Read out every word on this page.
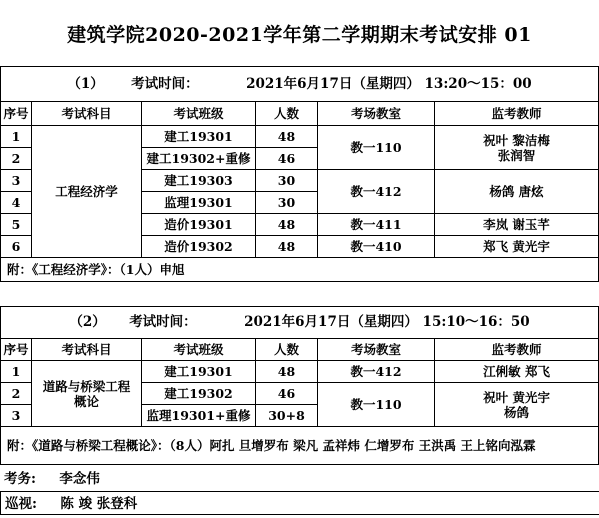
建筑学院2020-2021学年第二学期期末考试安排 01
（1） 考试时间： 2021年6月17日（星期四） 13:20～15：00					
序号	考试科目	考试班级	人数	考场教室	监考教师
1	工程经济学	建工19301	48	教一110	祝叶 黎洁梅
张润智
2		建工19302+重修	46		
3		建工19303	30	教一412	杨鸽 唐炫
4		监理19301	30		
5		造价19301	48	教一411	李岚 谢玉芊
6		造价19302	48	教一410	郑飞 黄光宇
附：《工程经济学》：（1人）申旭					
（2） 考试时间： 2021年6月17日（星期四） 15:10～16：50					
序号	考试科目	考试班级	人数	考场教室	监考教师
1	道路与桥梁工程
概论	建工19301	48	教一412	江俐敏 郑飞
2		建工19302	46	教一110	祝叶 黄光宇
杨鸽
3		监理19301+重修	30+8		
附：《道路与桥梁工程概论》：（8人）阿扎 旦增罗布 梁凡 孟祥炜 仁增罗布 王洪禹 王上铭向泓霖					
考务: 李念伟
巡视: 陈 竣 张登科
